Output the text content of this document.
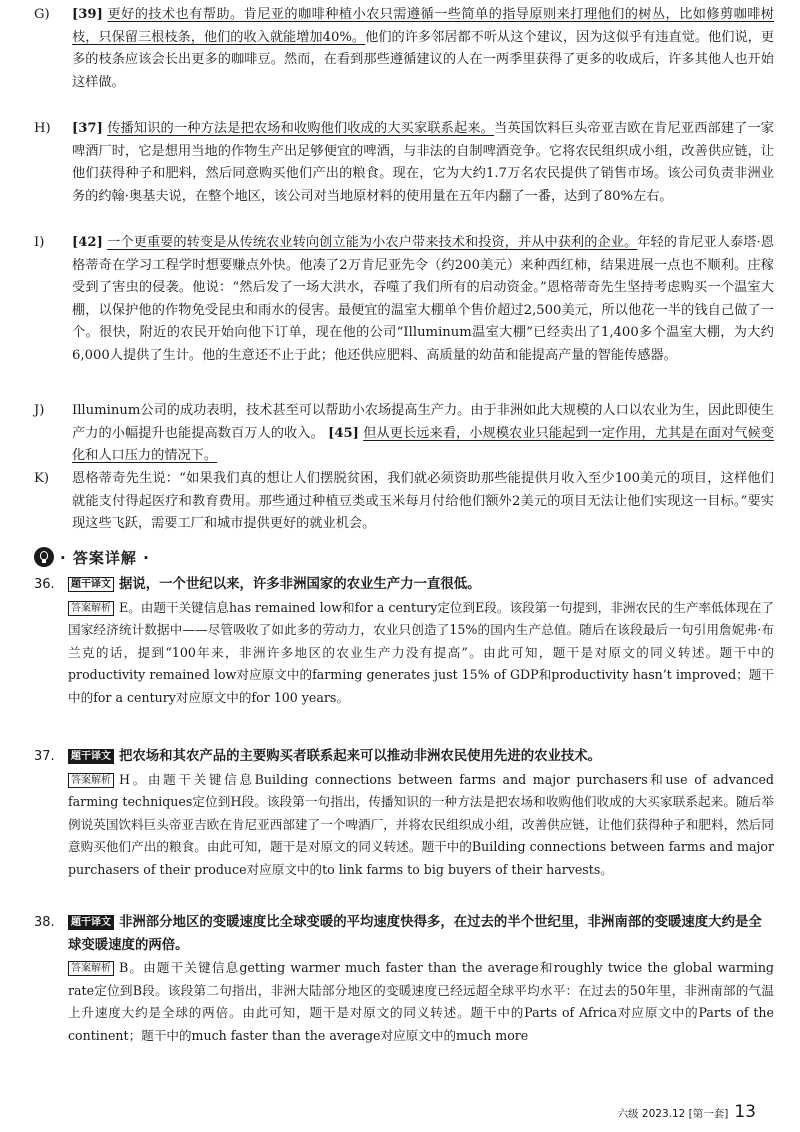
G)	[39] 更好的技术也有帮助。肯尼亚的咖啡种植小农只需遵循一些简单的指导原则来打理他们的树丛，比如修剪咖啡树枝，只保留三根枝条，他们的收入就能增加40%。他们的许多邻居都不听从这个建议，因为这似乎有违直觉。他们说，更多的枝条应该会长出更多的咖啡豆。然而，在看到那些遵循建议的人在一两季里获得了更多的收成后，许多其他人也开始这样做。
H)	[37] 传播知识的一种方法是把农场和收购他们收成的大买家联系起来。当英国饮料巨头帝亚吉欧在肯尼亚西部建了一家啤酒厂时，它是想用当地的作物生产出足够便宜的啤酒，与非法的自制啤酒竞争。它将农民组织成小组，改善供应链，让他们获得种子和肥料，然后同意购买他们产出的粮食。现在，它为大约1.7万名农民提供了销售市场。该公司负责非洲业务的约翰·奥基夫说，在整个地区，该公司对当地原材料的使用量在五年内翻了一番，达到了80%左右。
I)	[42] 一个更重要的转变是从传统农业转向创立能为小农户带来技术和投资，并从中获利的企业。年轻的肯尼亚人泰塔·恩格蒂奇在学习工程学时想要赚点外快。他凑了2万肯尼亚先令（约200美元）来种西红柿，结果进展一点也不顺利。庄稼受到了害虫的侵袭。他说：“然后发了一场大洪水，吞噬了我们所有的启动资金。”恩格蒂奇先生坚持考虑购买一个温室大棚，以保护他的作物免受昆虫和雨水的侵害。最便宜的温室大棚单个售价超过2,500美元，所以他花一半的钱自己做了一个。很快，附近的农民开始向他下订单，现在他的公司“Illuminum温室大棚”已经卖出了1,400多个温室大棚，为大约6,000人提供了生计。他的生意还不止于此；他还供应肥料、高质量的幼苗和能提高产量的智能传感器。
J)	Illuminum公司的成功表明，技术甚至可以帮助小农场提高生产力。由于非洲如此大规模的人口以农业为生，因此即使生产力的小幅提升也能提高数百万人的收入。 [45] 但从更长远来看，小规模农业只能起到一定作用，尤其是在面对气候变化和人口压力的情况下。
K)	恩格蒂奇先生说：“如果我们真的想让人们摆脱贫困，我们就必须资助那些能提供月收入至少100美元的项目，这样他们就能支付得起医疗和教育费用。那些通过种植豆类或玉米每月付给他们额外2美元的项目无法让他们实现这一目标。”要实现这些飞跃，需要工厂和城市提供更好的就业机会。
· 答案详解 ·
36.	题干译文 据说，一个世纪以来，许多非洲国家的农业生产力一直很低。
答案解析 E。由题干关键信息has remained low和for a century定位到E段。该段第一句提到，非洲农民的生产率低体现在了国家经济统计数据中——尽管吸收了如此多的劳动力，农业只创造了15%的国内生产总值。随后在该段最后一句引用詹妮弗·布兰克的话，提到“100年来，非洲许多地区的农业生产力没有提高”。由此可知，题干是对原文的同义转述。题干中的productivity remained low对应原文中的farming generates just 15% of GDP和productivity hasn’t improved；题干中的for a century对应原文中的for 100 years。
37.	题干译文 把农场和其农产品的主要购买者联系起来可以推动非洲农民使用先进的农业技术。
答案解析 H。由题干关键信息Building connections between farms and major purchasers和use of advanced farming techniques定位到H段。该段第一句指出，传播知识的一种方法是把农场和收购他们收成的大买家联系起来。随后举例说英国饮料巨头帝亚吉欧在肯尼亚西部建了一个啤酒厂，并将农民组织成小组，改善供应链，让他们获得种子和肥料，然后同意购买他们产出的粮食。由此可知，题干是对原文的同义转述。题干中的Building connections between farms and major purchasers of their produce对应原文中的to link farms to big buyers of their harvests。
38.	题干译文 非洲部分地区的变暖速度比全球变暖的平均速度快得多，在过去的半个世纪里，非洲南部的变暖速度大约是全球变暖速度的两倍。
答案解析 B。由题干关键信息getting warmer much faster than the average和roughly twice the global warming rate定位到B段。该段第二句指出，非洲大陆部分地区的变暖速度已经远超全球平均水平：在过去的50年里，非洲南部的气温上升速度大约是全球的两倍。由此可知，题干是对原文的同义转述。题干中的Parts of Africa对应原文中的Parts of the continent；题干中的much faster than the average对应原文中的much more
六级 2023.12 [第一套] 13
